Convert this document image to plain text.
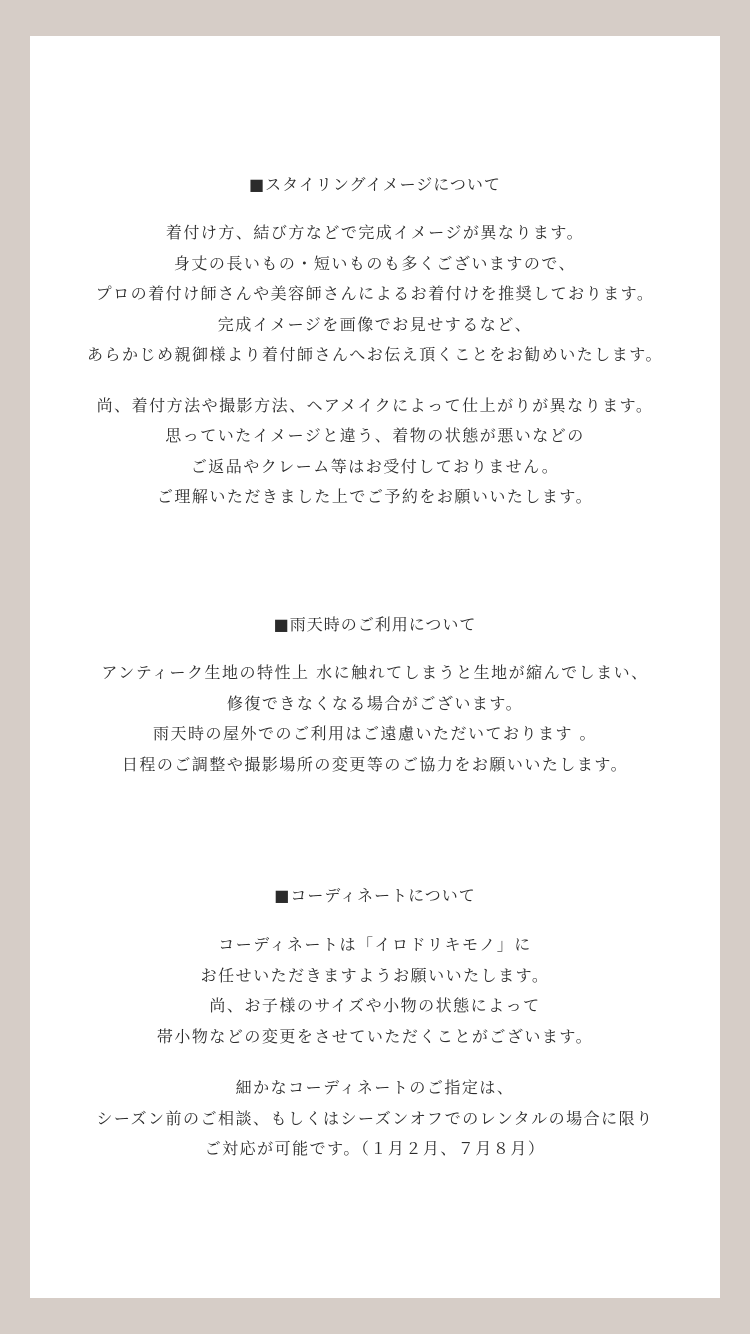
■スタイリングイメージについて

着付け方、結び方などで完成イメージが異なります。
身丈の長いもの・短いものも多くございますので、
プロの着付け師さんや美容師さんによるお着付けを推奨しております。
完成イメージを画像でお見せするなど、
あらかじめ親御様より着付師さんへお伝え頂くことをお勧めいたします。

尚、着付方法や撮影方法、ヘアメイクによって仕上がりが異なります。
思っていたイメージと違う、着物の状態が悪いなどの
ご返品やクレーム等はお受付しておりません。
ご理解いただきました上でご予約をお願いいたします。

■雨天時のご利用について

アンティーク生地の特性上 水に触れてしまうと生地が縮んでしまい、
修復できなくなる場合がございます。
雨天時の屋外でのご利用はご遠慮いただいております 。
日程のご調整や撮影場所の変更等のご協力をお願いいたします。

■コーディネートについて

コーディネートは「イロドリキモノ」に
お任せいただきますようお願いいたします。
尚、お子様のサイズや小物の状態によって
帯小物などの変更をさせていただくことがございます。

細かなコーディネートのご指定は、
シーズン前のご相談、もしくはシーズンオフでのレンタルの場合に限り
ご対応が可能です。（１月２月、７月８月）
